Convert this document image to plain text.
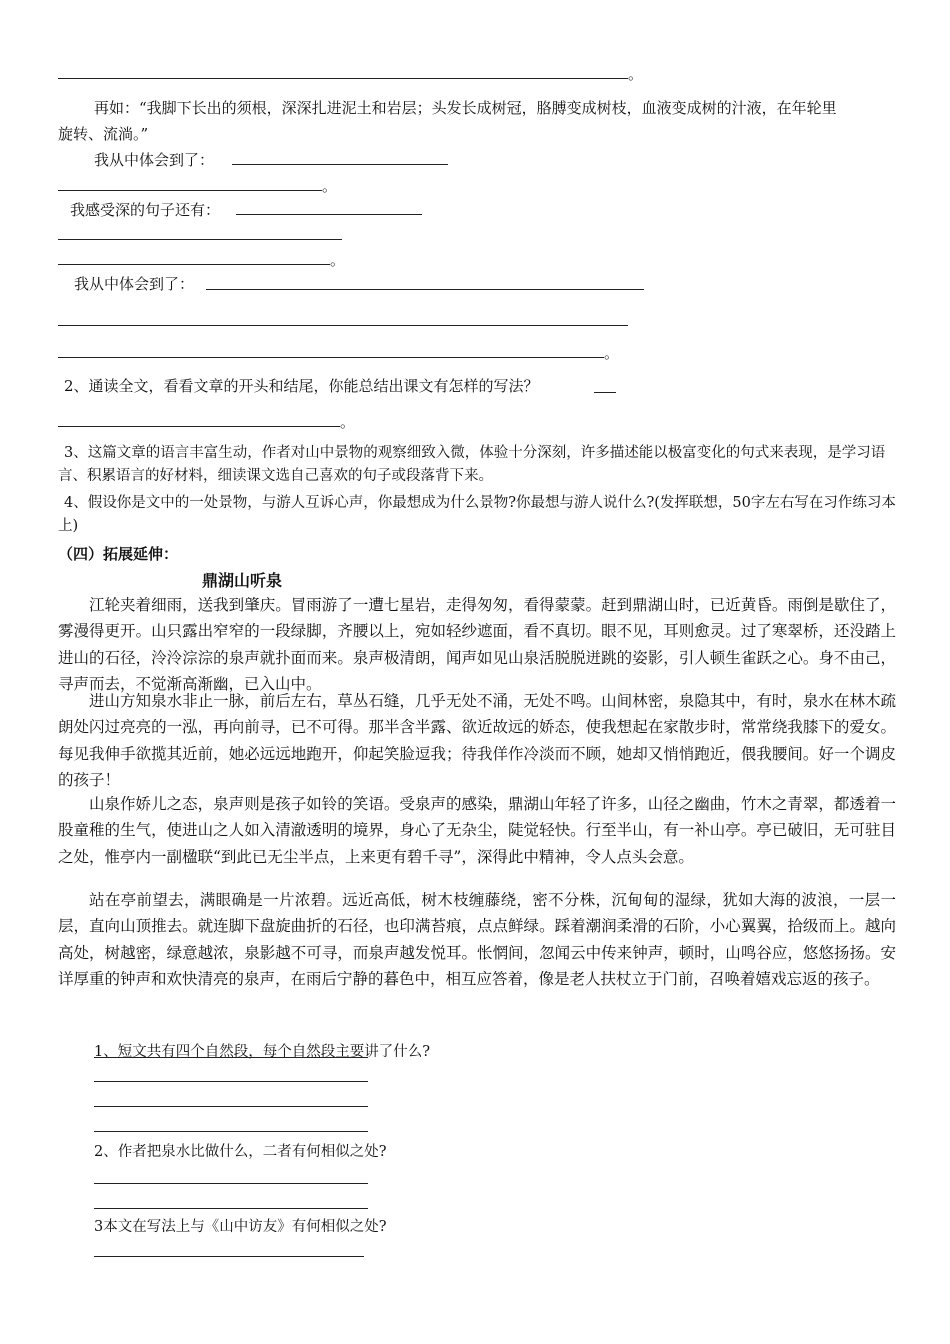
。
再如：“我脚下长出的须根，深深扎进泥土和岩层；头发长成树冠，胳膊变成树枝，血液变成树的汁液，在年轮里
旋转、流淌。”
我从中体会到了：
。
我感受深的句子还有：
。
我从中体会到了：
。
2、通读全文，看看文章的开头和结尾，你能总结出课文有怎样的写法？
。
3、这篇文章的语言丰富生动，作者对山中景物的观察细致入微，体验十分深刻，许多描述能以极富变化的句式来表现，是学习语言、积累语言的好材料，细读课文选自己喜欢的句子或段落背下来。
4、假设你是文中的一处景物，与游人互诉心声，你最想成为什么景物?你最想与游人说什么?(发挥联想，50字左右写在习作练习本上)
（四）拓展延伸：
鼎湖山听泉
江轮夹着细雨，送我到肇庆。冒雨游了一遭七星岩，走得匆匆，看得蒙蒙。赶到鼎湖山时，已近黄昏。雨倒是歇住了，雾漫得更开。山只露出窄窄的一段绿脚，齐腰以上，宛如轻纱遮面，看不真切。眼不见，耳则愈灵。过了寒翠桥，还没踏上进山的石径，泠泠淙淙的泉声就扑面而来。泉声极清朗，闻声如见山泉活脱脱迸跳的姿影，引人顿生雀跃之心。身不由己，寻声而去，不觉渐高渐幽，已入山中。
进山方知泉水非止一脉，前后左右，草丛石缝，几乎无处不涌，无处不鸣。山间林密，泉隐其中，有时，泉水在林木疏朗处闪过亮亮的一泓，再向前寻，已不可得。那半含半露、欲近故远的娇态，使我想起在家散步时，常常绕我膝下的爱女。每见我伸手欲揽其近前，她必远远地跑开，仰起笑脸逗我；待我佯作冷淡而不顾，她却又悄悄跑近，偎我腰间。好一个调皮的孩子！
山泉作娇儿之态，泉声则是孩子如铃的笑语。受泉声的感染，鼎湖山年轻了许多，山径之幽曲，竹木之青翠，都透着一股童稚的生气，使进山之人如入清澈透明的境界，身心了无杂尘，陡觉轻快。行至半山，有一补山亭。亭已破旧，无可驻目之处，惟亭内一副楹联“到此已无尘半点，上来更有碧千寻”，深得此中精神，令人点头会意。
站在亭前望去，满眼确是一片浓碧。远近高低，树木枝缠藤绕，密不分株，沉甸甸的湿绿，犹如大海的波浪，一层一层，直向山顶推去。就连脚下盘旋曲折的石径，也印满苔痕，点点鲜绿。踩着潮润柔滑的石阶，小心翼翼，拾级而上。越向高处，树越密，绿意越浓，泉影越不可寻，而泉声越发悦耳。怅惘间，忽闻云中传来钟声，顿时，山鸣谷应，悠悠扬扬。安详厚重的钟声和欢快清亮的泉声，在雨后宁静的暮色中，相互应答着，像是老人扶杖立于门前，召唤着嬉戏忘返的孩子。
1、短文共有四个自然段，每个自然段主要讲了什么?
2、作者把泉水比做什么，二者有何相似之处?
3本文在写法上与《山中访友》有何相似之处?
